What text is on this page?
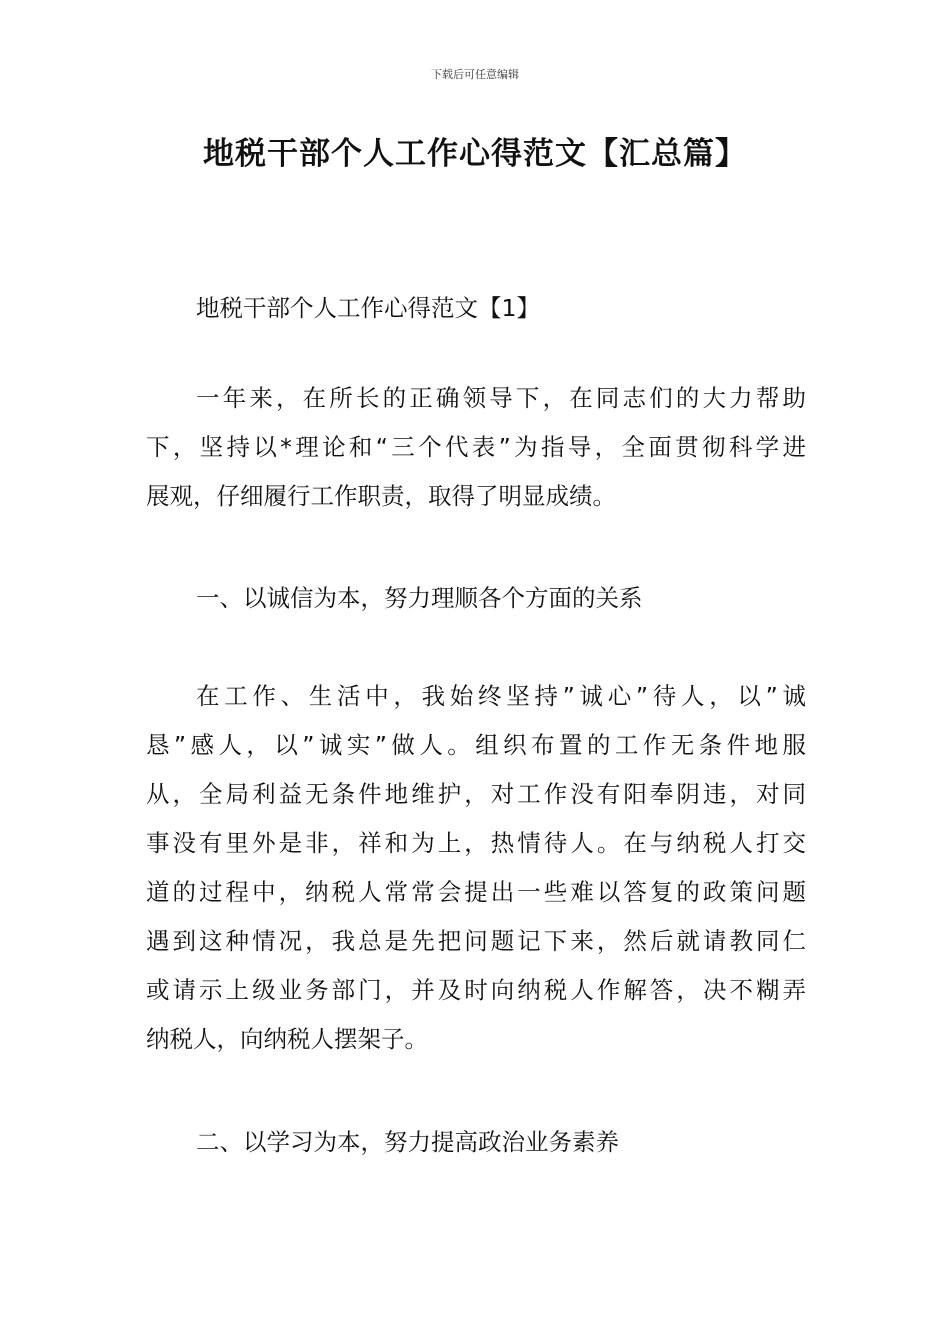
下载后可任意编辑
地税干部个人工作心得范文【汇总篇】
地税干部个人工作心得范文【1】
一年来，在所长的正确领导下，在同志们的大力帮助
下，坚持以*理论和“三个代表”为指导，全面贯彻科学进
展观，仔细履行工作职责，取得了明显成绩。
一、以诚信为本，努力理顺各个方面的关系
在工作、生活中，我始终坚持”诚心”待人，以”诚
恳”感人，以”诚实”做人。组织布置的工作无条件地服
从，全局利益无条件地维护，对工作没有阳奉阴违，对同
事没有里外是非，祥和为上，热情待人。在与纳税人打交
道的过程中，纳税人常常会提出一些难以答复的政策问题
遇到这种情况，我总是先把问题记下来，然后就请教同仁
或请示上级业务部门，并及时向纳税人作解答，决不糊弄
纳税人，向纳税人摆架子。
二、以学习为本，努力提高政治业务素养
